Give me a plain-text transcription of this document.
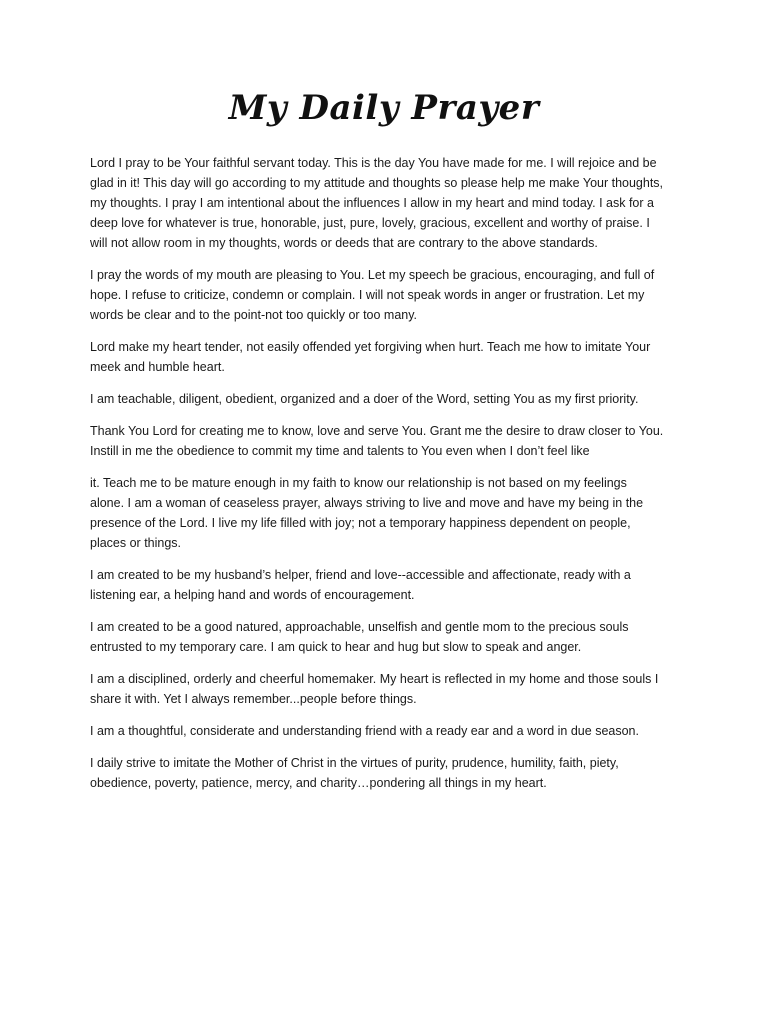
My Daily Prayer

Lord I pray to be Your faithful servant today. This is the day You have made for me. I will rejoice and be
glad in it! This day will go according to my attitude and thoughts so please help me make Your thoughts,
my thoughts. I pray I am intentional about the influences I allow in my heart and mind today. I ask for a
deep love for whatever is true, honorable, just, pure, lovely, gracious, excellent and worthy of praise. I
will not allow room in my thoughts, words or deeds that are contrary to the above standards.

I pray the words of my mouth are pleasing to You. Let my speech be gracious, encouraging, and full of
hope. I refuse to criticize, condemn or complain. I will not speak words in anger or frustration. Let my
words be clear and to the point-not too quickly or too many.

Lord make my heart tender, not easily offended yet forgiving when hurt. Teach me how to imitate Your
meek and humble heart.

I am teachable, diligent, obedient, organized and a doer of the Word, setting You as my first priority.

Thank You Lord for creating me to know, love and serve You. Grant me the desire to draw closer to You.
Instill in me the obedience to commit my time and talents to You even when I don’t feel like

it. Teach me to be mature enough in my faith to know our relationship is not based on my feelings
alone. I am a woman of ceaseless prayer, always striving to live and move and have my being in the
presence of the Lord. I live my life filled with joy; not a temporary happiness dependent on people,
places or things.

I am created to be my husband’s helper, friend and love--accessible and affectionate, ready with a
listening ear, a helping hand and words of encouragement.

I am created to be a good natured, approachable, unselfish and gentle mom to the precious souls
entrusted to my temporary care. I am quick to hear and hug but slow to speak and anger.

I am a disciplined, orderly and cheerful homemaker. My heart is reflected in my home and those souls I
share it with. Yet I always remember...people before things.

I am a thoughtful, considerate and understanding friend with a ready ear and a word in due season.

I daily strive to imitate the Mother of Christ in the virtues of purity, prudence, humility, faith, piety,
obedience, poverty, patience, mercy, and charity…pondering all things in my heart.
